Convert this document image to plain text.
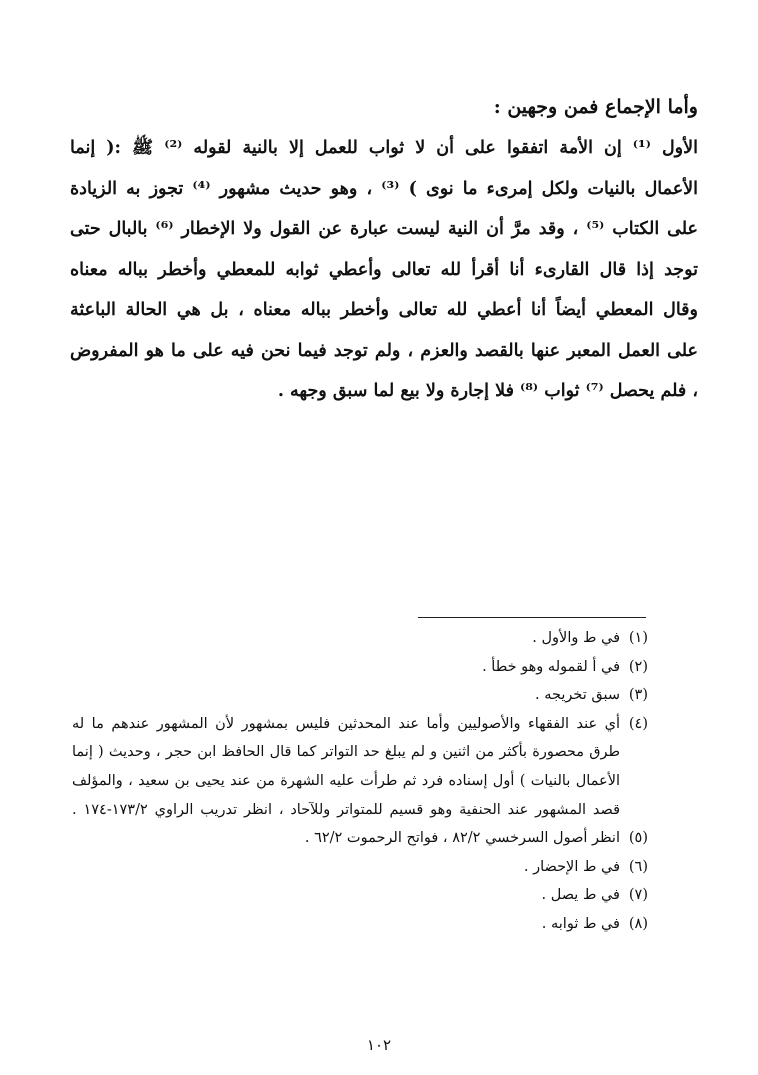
وأما الإجماع فمن وجهين :

الأول ⁽¹⁾ إن الأمة اتفقوا على أن لا ثواب للعمل إلا بالنية لقوله ⁽²⁾ ﷺ :( إنما

الأعمال بالنيات ولكل إمرىء ما نوى ) ⁽³⁾ ، وهو حديث مشهور ⁽⁴⁾ تجوز به الزيادة

على الكتاب ⁽⁵⁾ ، وقد مرَّ أن النية ليست عبارة عن القول ولا الإخطار ⁽⁶⁾ بالبال حتى

توجد إذا قال القارىء أنا أقرأ لله تعالى وأعطي ثوابه للمعطي وأخطر بباله معناه

وقال المعطي أيضاً أنا أعطي لله تعالى وأخطر بباله معناه ، بل هي الحالة الباعثة

على العمل المعبر عنها بالقصد والعزم ، ولم توجد فيما نحن فيه على ما هو المفروض

، فلم يحصل ⁽⁷⁾ ثواب ⁽⁸⁾ فلا إجارة ولا بيع لما سبق وجهه .

(١)
في ط والأول .
(٢)
في أ لقموله وهو خطأ .
(٣)
سبق تخريجه .
(٤)
أي عند الفقهاء والأصوليين وأما عند المحدثين فليس بمشهور لأن المشهور عندهم ما له
طرق محصورة بأكثر من اثنين و لم يبلغ حد التواتر كما قال الحافظ ابن حجر ، وحديث ( إنما
الأعمال بالنيات ) أول إسناده فرد ثم طرأت عليه الشهرة من عند يحيى بن سعيد ، والمؤلف
قصد المشهور عند الحنفية وهو قسيم للمتواتر وللآحاد ، انظر تدريب الراوي ١٧٣/٢-١٧٤ .
(٥)
انظر أصول السرخسي ٨٢/٢ ، فواتح الرحموت ٦٢/٢ .
(٦)
في ط الإحضار .
(٧)
في ط يصل .
(٨)
في ط ثوابه .
١٠٢
